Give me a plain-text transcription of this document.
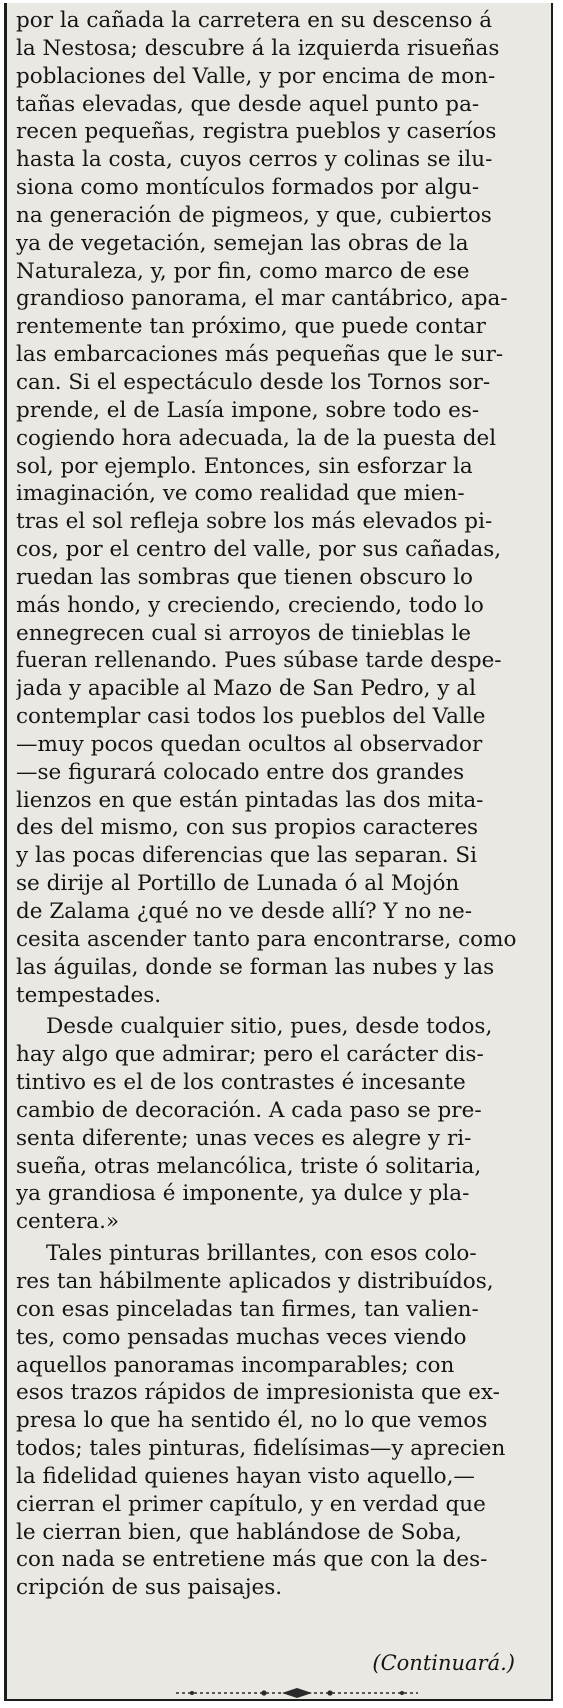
por la cañada la carretera en su descenso á
la Nestosa; descubre á la izquierda risueñas
poblaciones del Valle, y por encima de mon-
tañas elevadas, que desde aquel punto pa-
recen pequeñas, registra pueblos y caseríos
hasta la costa, cuyos cerros y colinas se ilu-
siona como montículos formados por algu-
na generación de pigmeos, y que, cubiertos
ya de vegetación, semejan las obras de la
Naturaleza, y, por fin, como marco de ese
grandioso panorama, el mar cantábrico, apa-
rentemente tan próximo, que puede contar
las embarcaciones más pequeñas que le sur-
can. Si el espectáculo desde los Tornos sor-
prende, el de Lasía impone, sobre todo es-
cogiendo hora adecuada, la de la puesta del
sol, por ejemplo. Entonces, sin esforzar la
imaginación, ve como realidad que mien-
tras el sol refleja sobre los más elevados pi-
cos, por el centro del valle, por sus cañadas,
ruedan las sombras que tienen obscuro lo
más hondo, y creciendo, creciendo, todo lo
ennegrecen cual si arroyos de tinieblas le
fueran rellenando. Pues súbase tarde despe-
jada y apacible al Mazo de San Pedro, y al
contemplar casi todos los pueblos del Valle
—muy pocos quedan ocultos al observador
—se figurará colocado entre dos grandes
lienzos en que están pintadas las dos mita-
des del mismo, con sus propios caracteres
y las pocas diferencias que las separan. Si
se dirije al Portillo de Lunada ó al Mojón
de Zalama ¿qué no ve desde allí? Y no ne-
cesita ascender tanto para encontrarse, como
las águilas, donde se forman las nubes y las
tempestades.
Desde cualquier sitio, pues, desde todos,
hay algo que admirar; pero el carácter dis-
tintivo es el de los contrastes é incesante
cambio de decoración. A cada paso se pre-
senta diferente; unas veces es alegre y ri-
sueña, otras melancólica, triste ó solitaria,
ya grandiosa é imponente, ya dulce y pla-
centera.»
Tales pinturas brillantes, con esos colo-
res tan hábilmente aplicados y distribuídos,
con esas pinceladas tan firmes, tan valien-
tes, como pensadas muchas veces viendo
aquellos panoramas incomparables; con
esos trazos rápidos de impresionista que ex-
presa lo que ha sentido él, no lo que vemos
todos; tales pinturas, fidelísimas—y aprecien
la fidelidad quienes hayan visto aquello,—
cierran el primer capítulo, y en verdad que
le cierran bien, que hablándose de Soba,
con nada se entretiene más que con la des-
cripción de sus paisajes.
(Continuará.)
